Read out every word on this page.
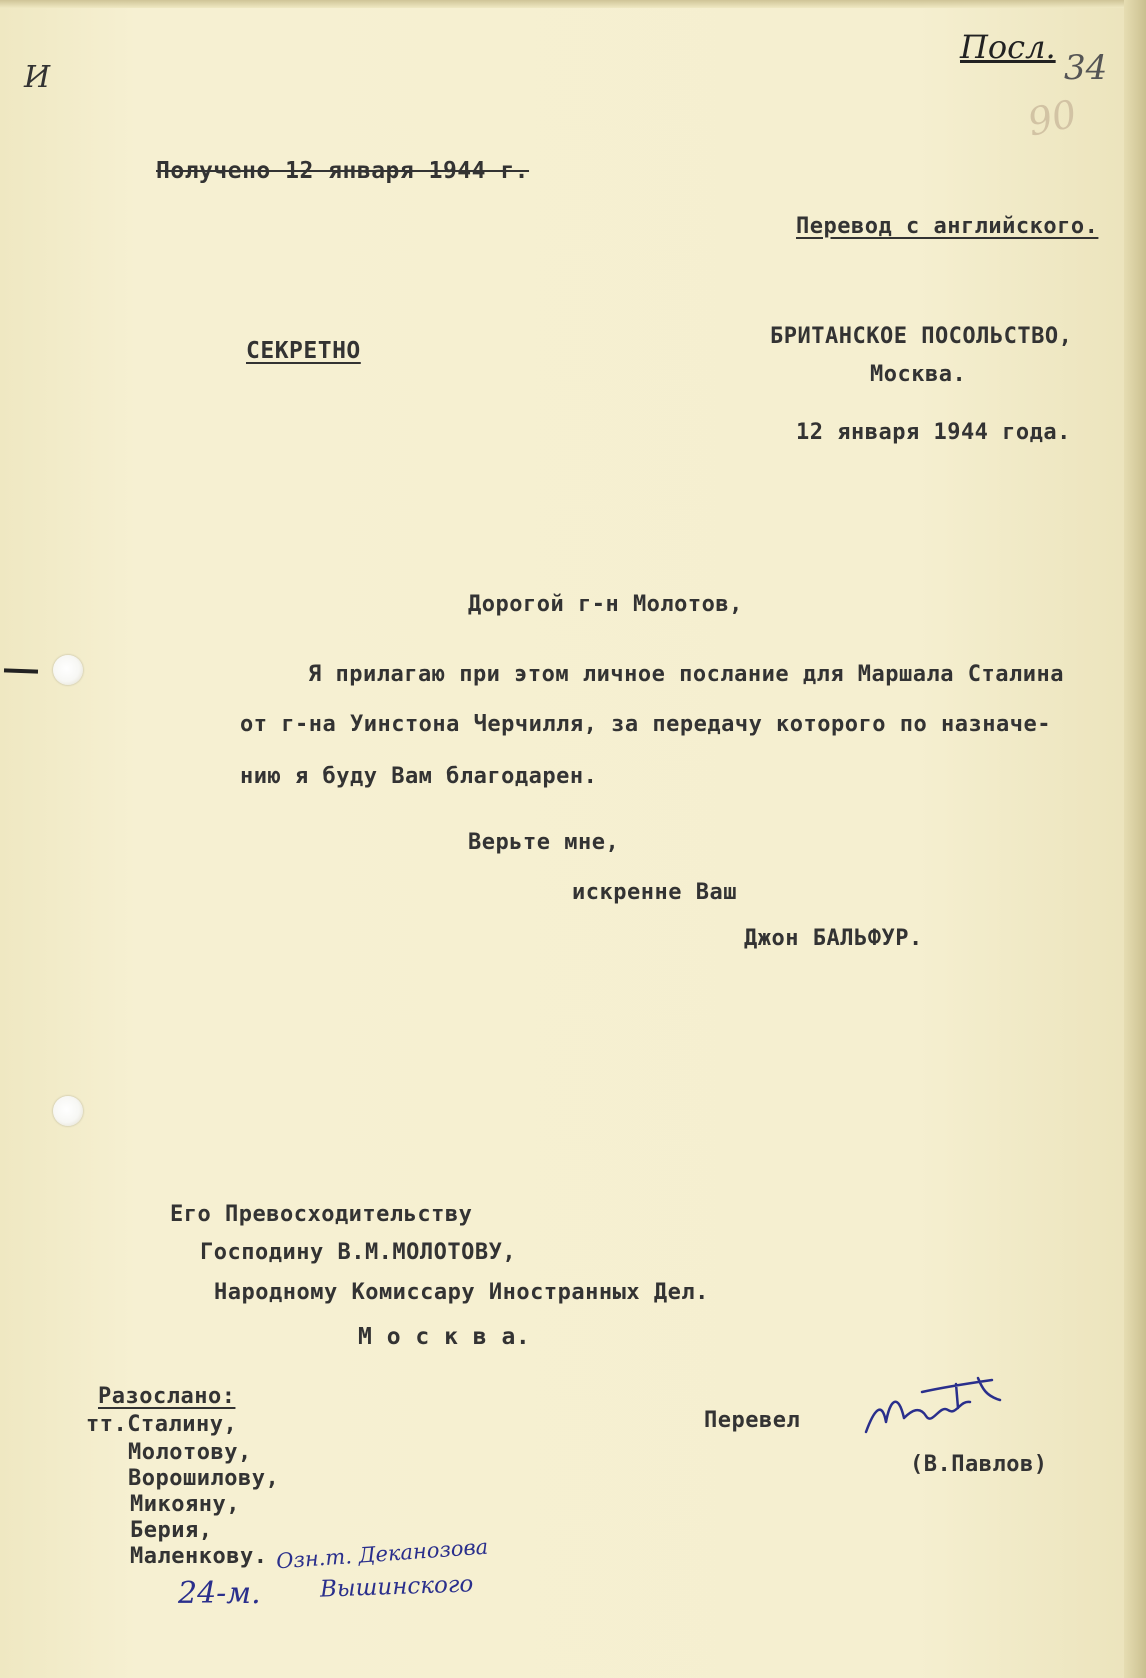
И
Посл.
34
90
Получено 12 января 1944 г.
Перевод с английского.
СЕКРЕТНО
БРИТАНСКОЕ ПОСОЛЬСТВО,
Москва.
12 января 1944 года.
Дорогой г-н Молотов,
Я прилагаю при этом личное послание для Маршала Сталина
от г-на Уинстона Черчилля, за передачу которого по назначе-
нию я буду Вам благодарен.
Верьте мне,
искренне Ваш
Джон БАЛЬФУР.
Его Превосходительству
Господину В.М.МОЛОТОВУ,
Народному Комиссару Иностранных Дел.
М о с к в а.
Разослано:
тт.Сталину,
Молотову,
Ворошилову,
Микояну,
Берия,
Маленкову.
Перевел
(В.Павлов)
Озн.т. Деканозова
Вышинского
24-м.
